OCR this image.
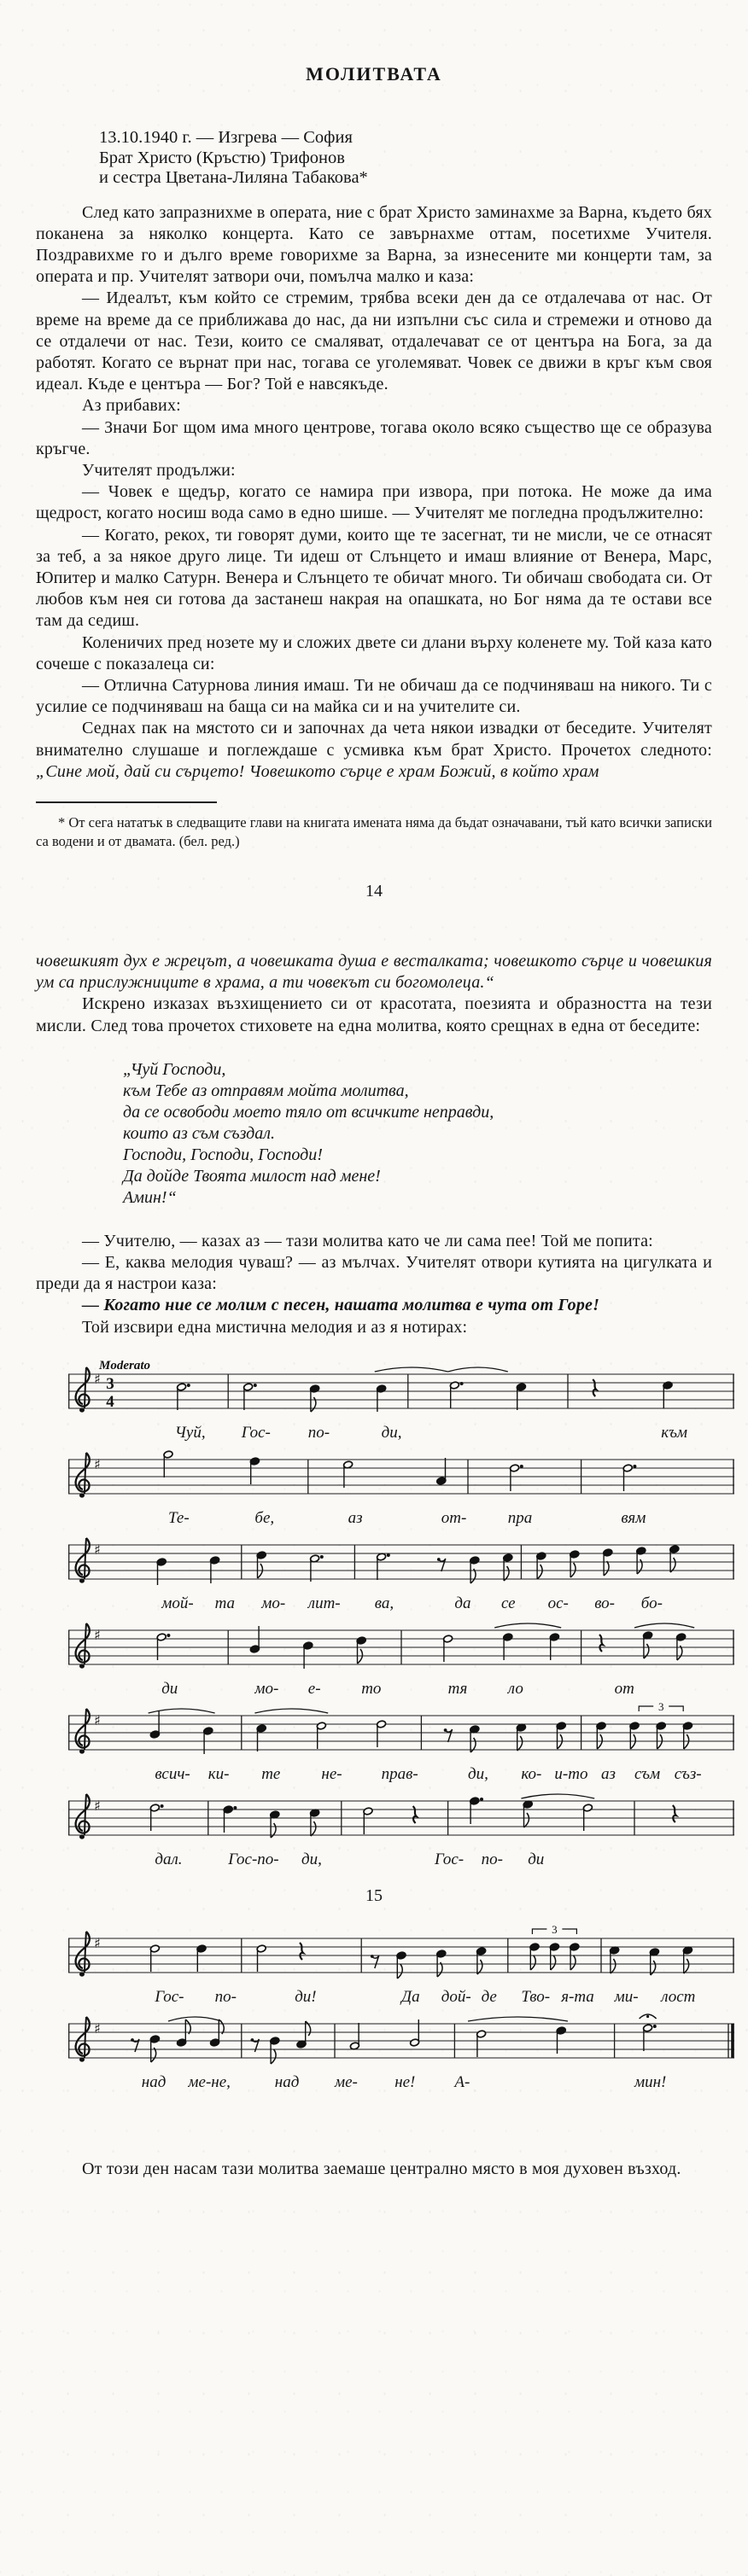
МОЛИТВАТА
13.10.1940 г. — Изгрева — София
Брат Христо (Кръстю) Трифонов
и сестра Цветана-Лиляна Табакова*

След като запразнихме в операта, ние с брат Христо заминахме за Варна, където бях поканена за няколко концерта. Като се завърнахме оттам, посетихме Учителя. Поздравихме го и дълго време говорихме за Варна, за изнесените ми концерти там, за операта и пр. Учителят затвори очи, помълча малко и каза:

— Идеалът, към който се стремим, трябва всеки ден да се отдалечава от нас. От време на време да се приближава до нас, да ни изпълни със сила и стремежи и отново да се отдалечи от нас. Тези, които се смаляват, отдалечават се от центъра на Бога, за да работят. Когато се върнат при нас, тогава се уголемяват. Човек се движи в кръг към своя идеал. Къде е центъра — Бог? Той е навсякъде.

Аз прибавих:

— Значи Бог щом има много центрове, тогава около всяко същество ще се образува кръгче.

Учителят продължи:

— Човек е щедър, когато се намира при извора, при потока. Не може да има щедрост, когато носиш вода само в едно шише. — Учителят ме погледна продължително:

— Когато, рекох, ти говорят думи, които ще те засегнат, ти не мисли, че се отнасят за теб, а за някое друго лице. Ти идеш от Слънцето и имаш влияние от Венера, Марс, Юпитер и малко Сатурн. Венера и Слънцето те обичат много. Ти обичаш свободата си. От любов към нея си готова да застанеш накрая на опашката, но Бог няма да те остави все там да седиш.

Коленичих пред нозете му и сложих двете си длани върху коленете му. Той каза като сочеше с показалеца си:

— Отлична Сатурнова линия имаш. Ти не обичаш да се подчиняваш на никого. Ти с усилие се подчиняваш на баща си на майка си и на учителите си.

Седнах пак на мястото си и започнах да чета някои извадки от беседите. Учителят внимателно слушаше и поглеждаше с усмивка към брат Христо. Прочетох следното: „Сине мой, дай си сърцето! Човешкото сърце е храм Божий, в който храм

* От сега нататък в следващите глави на книгата имената няма да бъдат означавани, тъй като всички записки са водени и от двамата. (бел. ред.)
14

човешкият дух е жрецът, а човешката душа е весталката; човешкото сърце и човешкия ум са прислужниците в храма, а ти човекът си богомолеца.“

Искрено изказах възхищението си от красотата, поезията и образността на тези мисли. След това прочетох стиховете на една молитва, която срещнах в една от беседите:

„Чуй Господи,
към Тебе аз отправям мойта молитва,
да се освободи моето тяло от всичките неправди,
които аз съм създал.
Господи, Господи, Господи!
Да дойде Твоята милост над мене!
Амин!“

— Учителю, — казах аз — тази молитва като че ли сама пее! Той ме попита:

— Е, каква мелодия чуваш? — аз мълчах. Учителят отвори кутията на цигулката и преди да я настрои каза:

— Когато ние се молим с песен, нашата молитва е чута от Горе!

Той изсвири една мистична мелодия и аз я нотирах:

♯
Moderato
3
4
Чуй, Гос- по-	ди,	към
♯
Те-	бе,	аз	от-	пра	вям
♯
мой- та мо- лит- ва,	да се ос- во- бо-
♯
ди	мо- е-	то	тя ло	от
♯
3
всич- ки- те	не- прав-	ди, ко- и-то аз съм съз-
♯
дал.	Гос-по- ди,	Гос- по- ди
15
♯
3
Гос- по-	ди!	Да дой- де Тво- я-та ми- лост
♯
над ме-не,	над ме- не! А-	мин!

От този ден насам тази молитва заемаше централно място в моя духовен възход.
